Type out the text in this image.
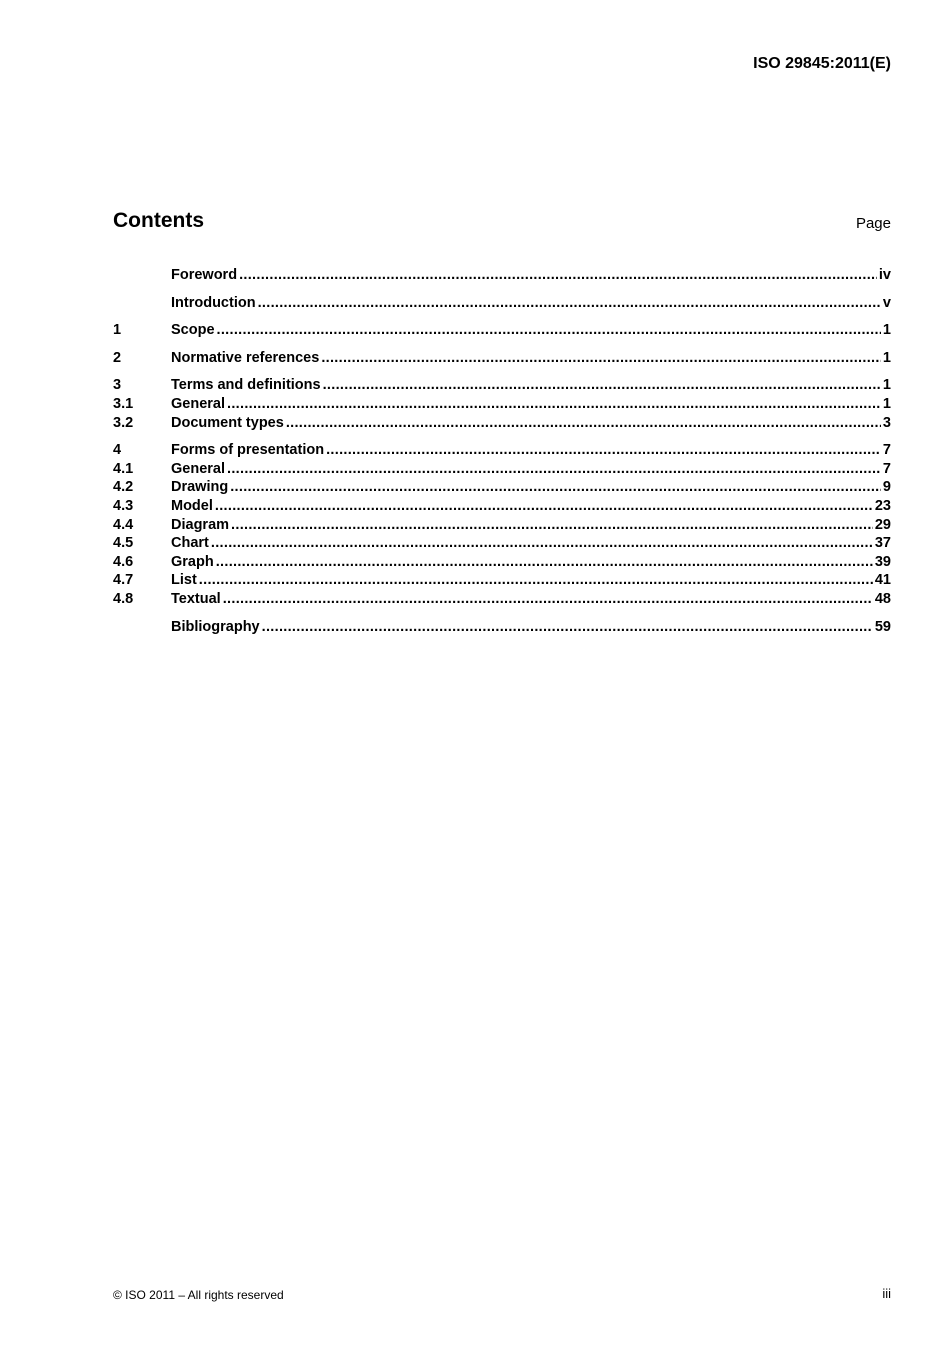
ISO 29845:2011(E)
Contents	Page
Foreword .....	iv
Introduction .....	v
1	Scope .....	1
2	Normative references .....	1
3	Terms and definitions .....	1
3.1	General .....	1
3.2	Document types .....	3
4	Forms of presentation .....	7
4.1	General .....	7
4.2	Drawing .....	9
4.3	Model .....	23
4.4	Diagram .....	29
4.5	Chart .....	37
4.6	Graph .....	39
4.7	List .....	41
4.8	Textual .....	48
Bibliography .....	59
© ISO 2011 – All rights reserved	iii
